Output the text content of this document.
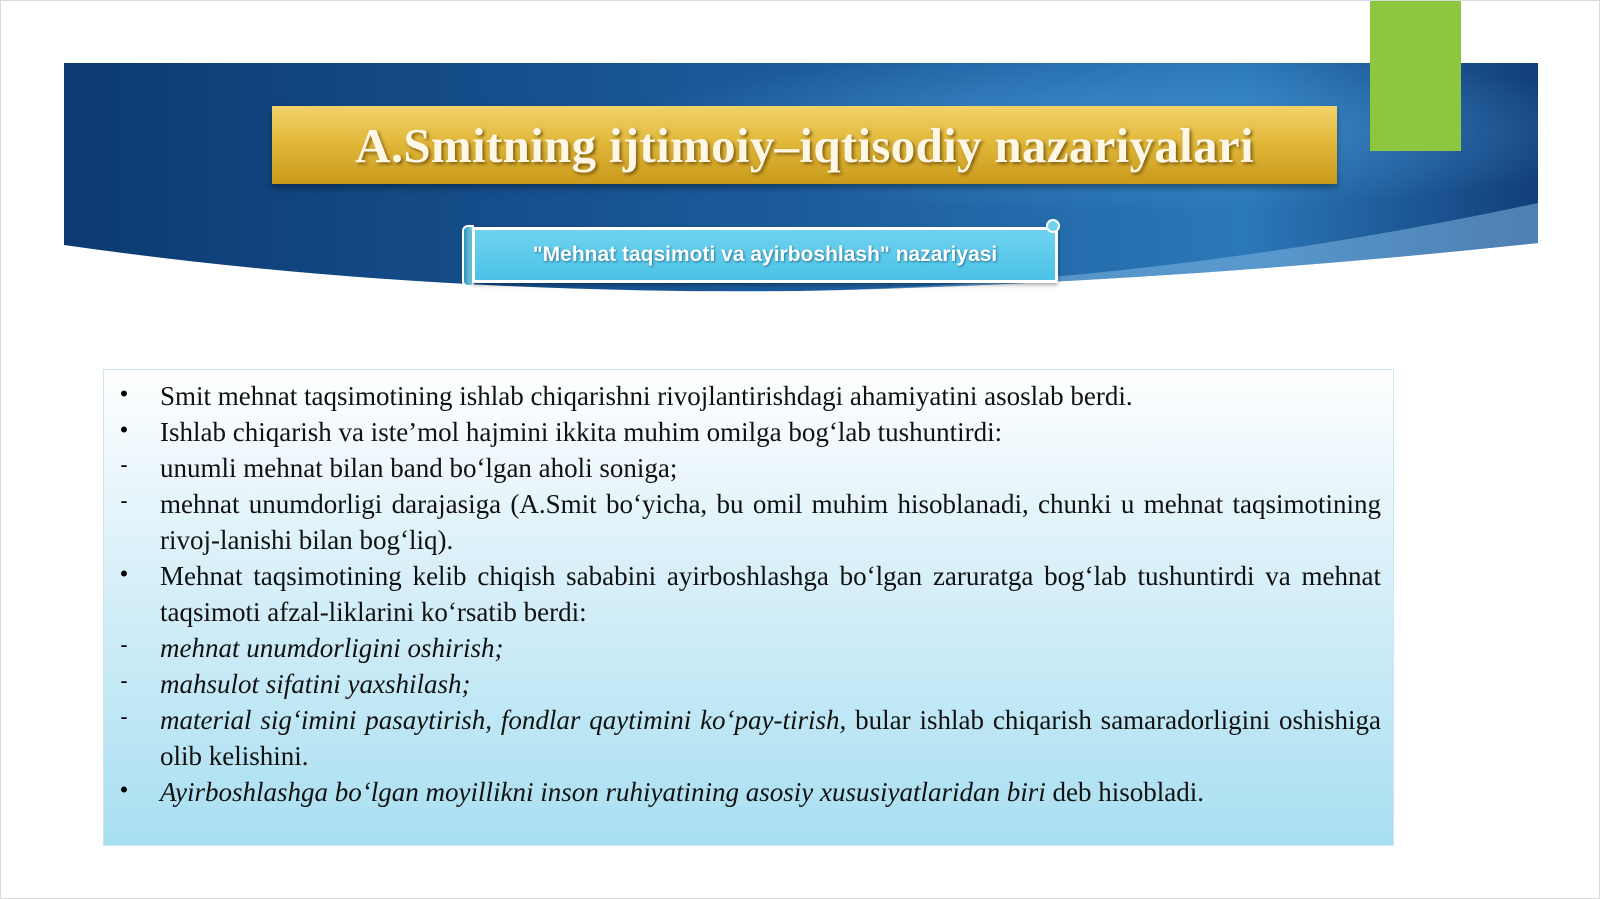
A.Smitning ijtimoiy–iqtisodiy nazariyalari
"Mehnat taqsimoti va ayirboshlash" nazariyasi
• Smit mehnat taqsimotining ishlab chiqarishni rivojlantirishdagi ahamiyatini asoslab berdi.
• Ishlab chiqarish va iste’mol hajmini ikkita muhim omilga bog‘lab tushuntirdi:
- unumli mehnat bilan band bo‘lgan aholi soniga;
- mehnat unumdorligi darajasiga (A.Smit bo‘yicha, bu omil muhim hisoblanadi, chunki u mehnat taqsimotining rivoj-lanishi bilan bog‘liq).
• Mehnat taqsimotining kelib chiqish sababini ayirboshlashga bo‘lgan zaruratga bog‘lab tushuntirdi va mehnat taqsimoti afzal-liklarini ko‘rsatib berdi:
- mehnat unumdorligini oshirish;
- mahsulot sifatini yaxshilash;
- material sig‘imini pasaytirish, fondlar qaytimini ko‘pay-tirish, bular ishlab chiqarish samaradorligini oshishiga olib kelishini.
• Ayirboshlashga bo‘lgan moyillikni inson ruhiyatining asosiy xususiyatlaridan biri deb hisobladi.
